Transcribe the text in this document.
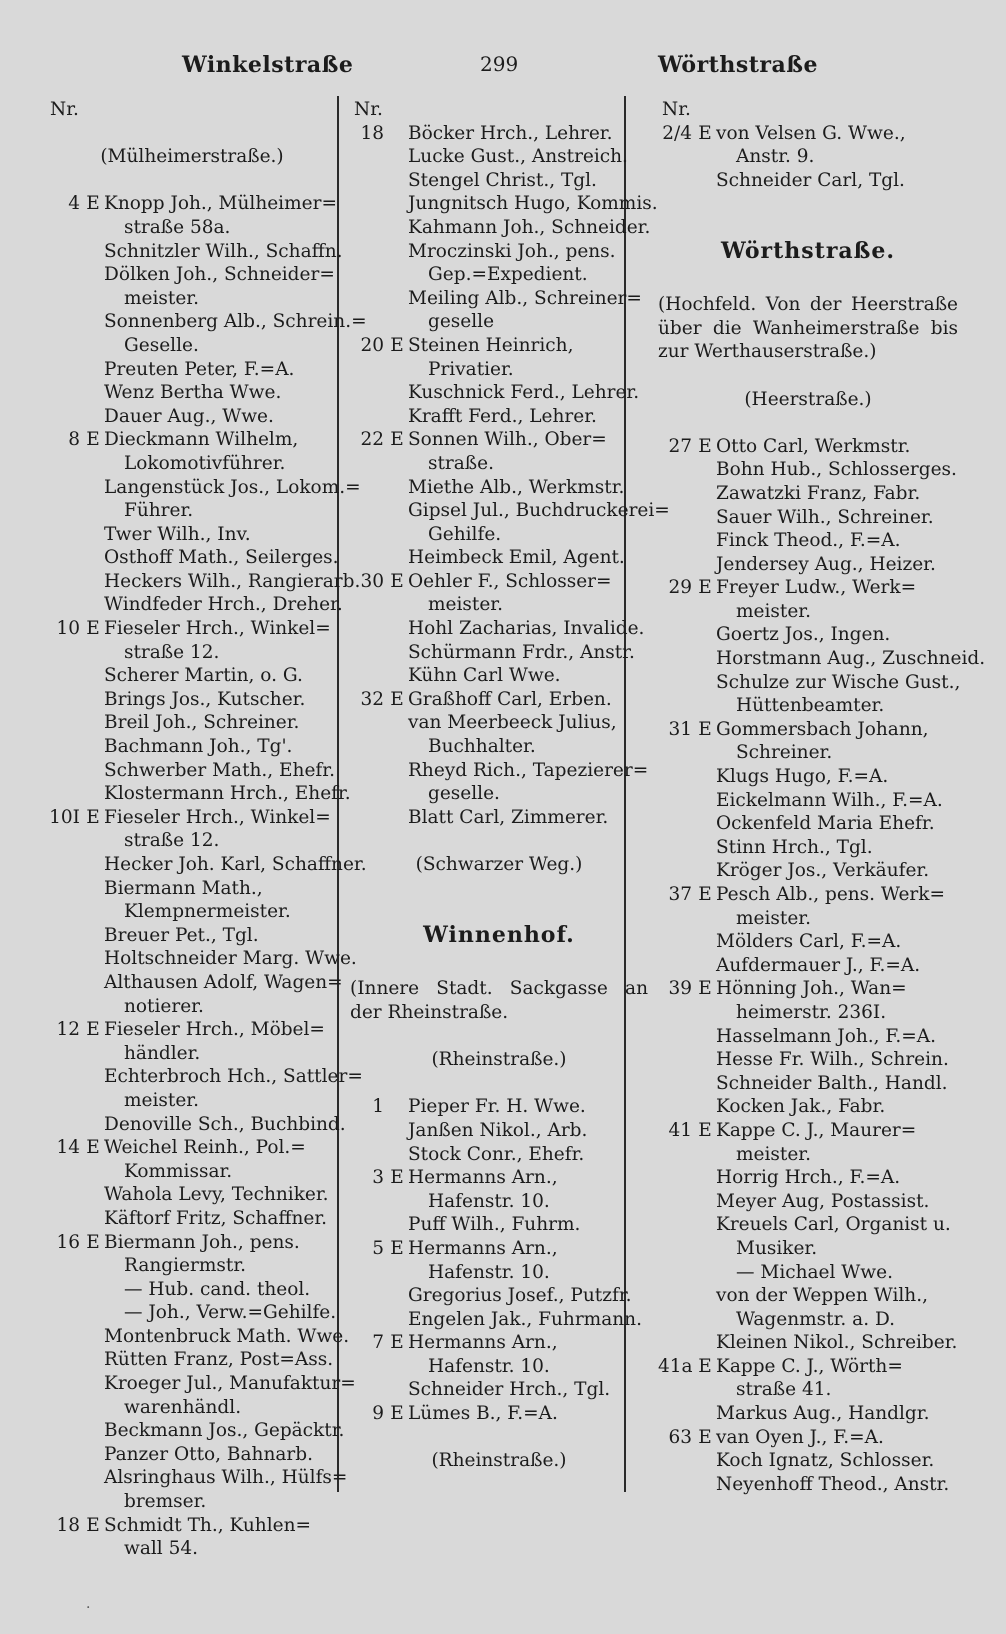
Winkelstraße	299	Wörthstraße
Nr.
(Mülheimerstraße.)
4 E Knopp Joh., Mülheimer=
straße 58a.
Schnitzler Wilh., Schaffn.
Dölken Joh., Schneider=
meister.
Sonnenberg Alb., Schrein.=
Geselle.
Preuten Peter, F.=A.
Wenz Bertha Wwe.
Dauer Aug., Wwe.
8 E Dieckmann Wilhelm,
Lokomotivführer.
Langenstück Jos., Lokom.=
Führer.
Twer Wilh., Inv.
Osthoff Math., Seilerges.
Heckers Wilh., Rangierarb.
Windfeder Hrch., Dreher.
10 E Fieseler Hrch., Winkel=
straße 12.
Scherer Martin, o. G.
Brings Jos., Kutscher.
Breil Joh., Schreiner.
Bachmann Joh., Tg'.
Schwerber Math., Ehefr.
Klostermann Hrch., Ehefr.
10I E Fieseler Hrch., Winkel=
straße 12.
Hecker Joh. Karl, Schaffner.
Biermann Math.,
Klempnermeister.
Breuer Pet., Tgl.
Holtschneider Marg. Wwe.
Althausen Adolf, Wagen=
notierer.
12 E Fieseler Hrch., Möbel=
händler.
Echterbroch Hch., Sattler=
meister.
Denoville Sch., Buchbind.
14 E Weichel Reinh., Pol.=
Kommissar.
Wahola Levy, Techniker.
Käftorf Fritz, Schaffner.
16 E Biermann Joh., pens.
Rangiermstr.
— Hub. cand. theol.
— Joh., Verw.=Gehilfe.
Montenbruck Math. Wwe.
Rütten Franz, Post=Ass.
Kroeger Jul., Manufaktur=
warenhändl.
Beckmann Jos., Gepäcktr.
Panzer Otto, Bahnarb.
Alsringhaus Wilh., Hülfs=
bremser.
18 E Schmidt Th., Kuhlen=
wall 54.
Nr.
18 Böcker Hrch., Lehrer.
Lucke Gust., Anstreich.
Stengel Christ., Tgl.
Jungnitsch Hugo, Kommis.
Kahmann Joh., Schneider.
Mroczinski Joh., pens.
Gep.=Expedient.
Meiling Alb., Schreiner=
geselle
20 E Steinen Heinrich,
Privatier.
Kuschnick Ferd., Lehrer.
Krafft Ferd., Lehrer.
22 E Sonnen Wilh., Ober=
straße.
Miethe Alb., Werkmstr.
Gipsel Jul., Buchdruckerei=
Gehilfe.
Heimbeck Emil, Agent.
30 E Oehler F., Schlosser=
meister.
Hohl Zacharias, Invalide.
Schürmann Frdr., Anstr.
Kühn Carl Wwe.
32 E Graßhoff Carl, Erben.
van Meerbeeck Julius,
Buchhalter.
Rheyd Rich., Tapezierer=
geselle.
Blatt Carl, Zimmerer.
(Schwarzer Weg.)
Winnenhof.
(Innere Stadt. Sackgasse an der Rheinstraße.
(Rheinstraße.)
1 Pieper Fr. H. Wwe.
Janßen Nikol., Arb.
Stock Conr., Ehefr.
3 E Hermanns Arn.,
Hafenstr. 10.
Puff Wilh., Fuhrm.
5 E Hermanns Arn.,
Hafenstr. 10.
Gregorius Josef., Putzfr.
Engelen Jak., Fuhrmann.
7 E Hermanns Arn.,
Hafenstr. 10.
Schneider Hrch., Tgl.
9 E Lümes B., F.=A.
(Rheinstraße.)
Nr.
2/4 E von Velsen G. Wwe.,
Anstr. 9.
Schneider Carl, Tgl.
Wörthstraße.
(Hochfeld. Von der Heerstraße über die Wanheimerstraße bis zur Werthauserstraße.)
(Heerstraße.)
27 E Otto Carl, Werkmstr.
Bohn Hub., Schlosserges.
Zawatzki Franz, Fabr.
Sauer Wilh., Schreiner.
Finck Theod., F.=A.
Jendersey Aug., Heizer.
29 E Freyer Ludw., Werk=
meister.
Goertz Jos., Ingen.
Horstmann Aug., Zuschneid.
Schulze zur Wische Gust.,
Hüttenbeamter.
31 E Gommersbach Johann,
Schreiner.
Klugs Hugo, F.=A.
Eickelmann Wilh., F.=A.
Ockenfeld Maria Ehefr.
Stinn Hrch., Tgl.
Kröger Jos., Verkäufer.
37 E Pesch Alb., pens. Werk=
meister.
Mölders Carl, F.=A.
Aufdermauer J., F.=A.
39 E Hönning Joh., Wan=
heimerstr. 236I.
Hasselmann Joh., F.=A.
Hesse Fr. Wilh., Schrein.
Schneider Balth., Handl.
Kocken Jak., Fabr.
41 E Kappe C. J., Maurer=
meister.
Horrig Hrch., F.=A.
Meyer Aug, Postassist.
Kreuels Carl, Organist u.
Musiker.
— Michael Wwe.
von der Weppen Wilh.,
Wagenmstr. a. D.
Kleinen Nikol., Schreiber.
41a E Kappe C. J., Wörth=
straße 41.
Markus Aug., Handlgr.
63 E van Oyen J., F.=A.
Koch Ignatz, Schlosser.
Neyenhoff Theod., Anstr.
·
